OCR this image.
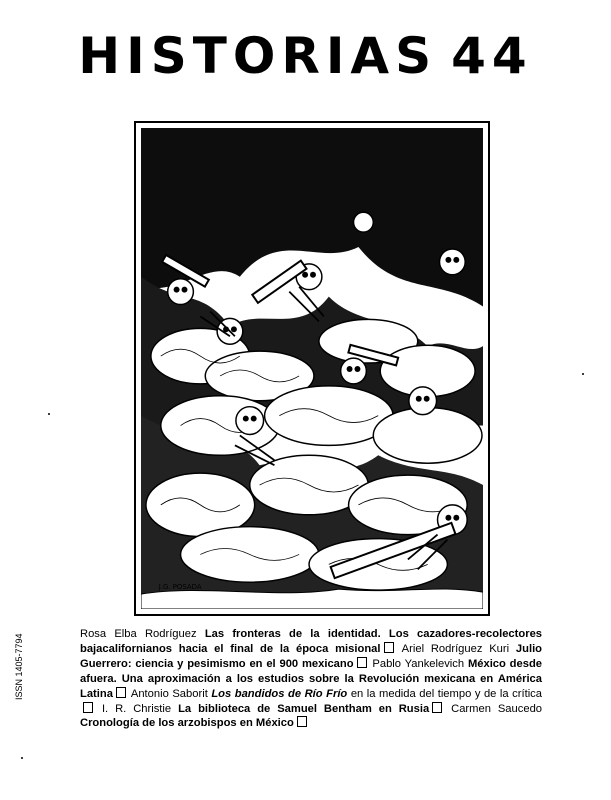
HISTORIAS 44
J.G. POSADA
ISSN 1405-7794	Rosa Elba Rodríguez Las fronteras de la identidad. Los cazadores-recolectores bajacalifornianos hacia el final de la época misional Ariel Rodríguez Kuri Julio Guerrero: ciencia y pesimismo en el 900 mexicano Pablo Yankelevich México desde afuera. Una aproximación a los estudios sobre la Revolución mexicana en América Latina Antonio Saborit Los bandidos de Río Frío en la medida del tiempo y de la crítica I. R. Christie La biblioteca de Samuel Bentham en Rusia Carmen Saucedo Cronología de los arzobispos en México
